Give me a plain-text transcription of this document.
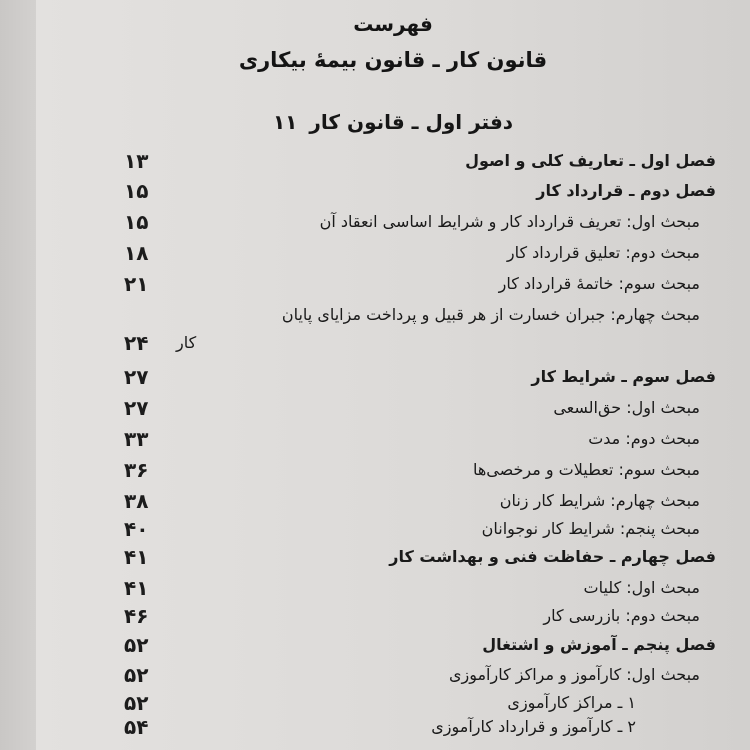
فهرست
قانون کار ـ قانون بیمهٔ بیکاری
دفتر اول ـ قانون کار۱۱
فصل اول ـ تعاریف کلی و اصول
۱۳
فصل دوم ـ قرارداد کار
۱۵
مبحث اول: تعریف قرارداد کار و شرایط اساسی انعقاد آن
۱۵
مبحث دوم: تعلیق قرارداد کار
۱۸
مبحث سوم: خاتمهٔ قرارداد کار
۲۱
مبحث چهارم: جبران خسارت از هر قبیل و پرداخت مزایای پایان
کار
۲۴
فصل سوم ـ شرایط کار
۲۷
مبحث اول: حق‌السعی
۲۷
مبحث دوم: مدت
۳۳
مبحث سوم: تعطیلات و مرخصی‌ها
۳۶
مبحث چهارم: شرایط کار زنان
۳۸
مبحث پنجم: شرایط کار نوجوانان
۴۰
فصل چهارم ـ حفاظت فنی و بهداشت کار
۴۱
مبحث اول: کلیات
۴۱
مبحث دوم: بازرسی کار
۴۶
فصل پنجم ـ آموزش و اشتغال
۵۲
مبحث اول: کارآموز و مراکز کارآموزی
۵۲
۱ ـ مراکز کارآموزی
۵۲
۲ ـ کارآموز و قرارداد کارآموزی
۵۴
